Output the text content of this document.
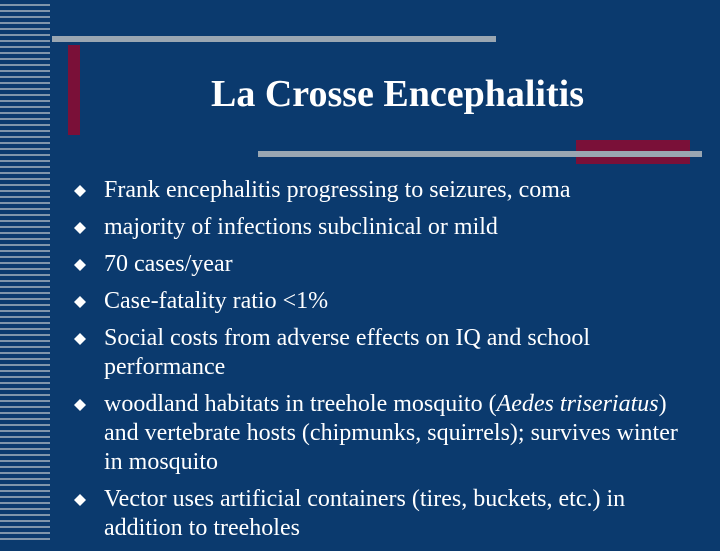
La Crosse Encephalitis
Frank encephalitis progressing to seizures, coma
majority of infections subclinical or mild
70 cases/year
Case-fatality ratio <1%
Social costs from adverse effects on IQ and school performance
woodland habitats in treehole mosquito (Aedes triseriatus) and vertebrate hosts (chipmunks, squirrels); survives winter in mosquito
Vector uses artificial containers (tires, buckets, etc.) in addition to treeholes
